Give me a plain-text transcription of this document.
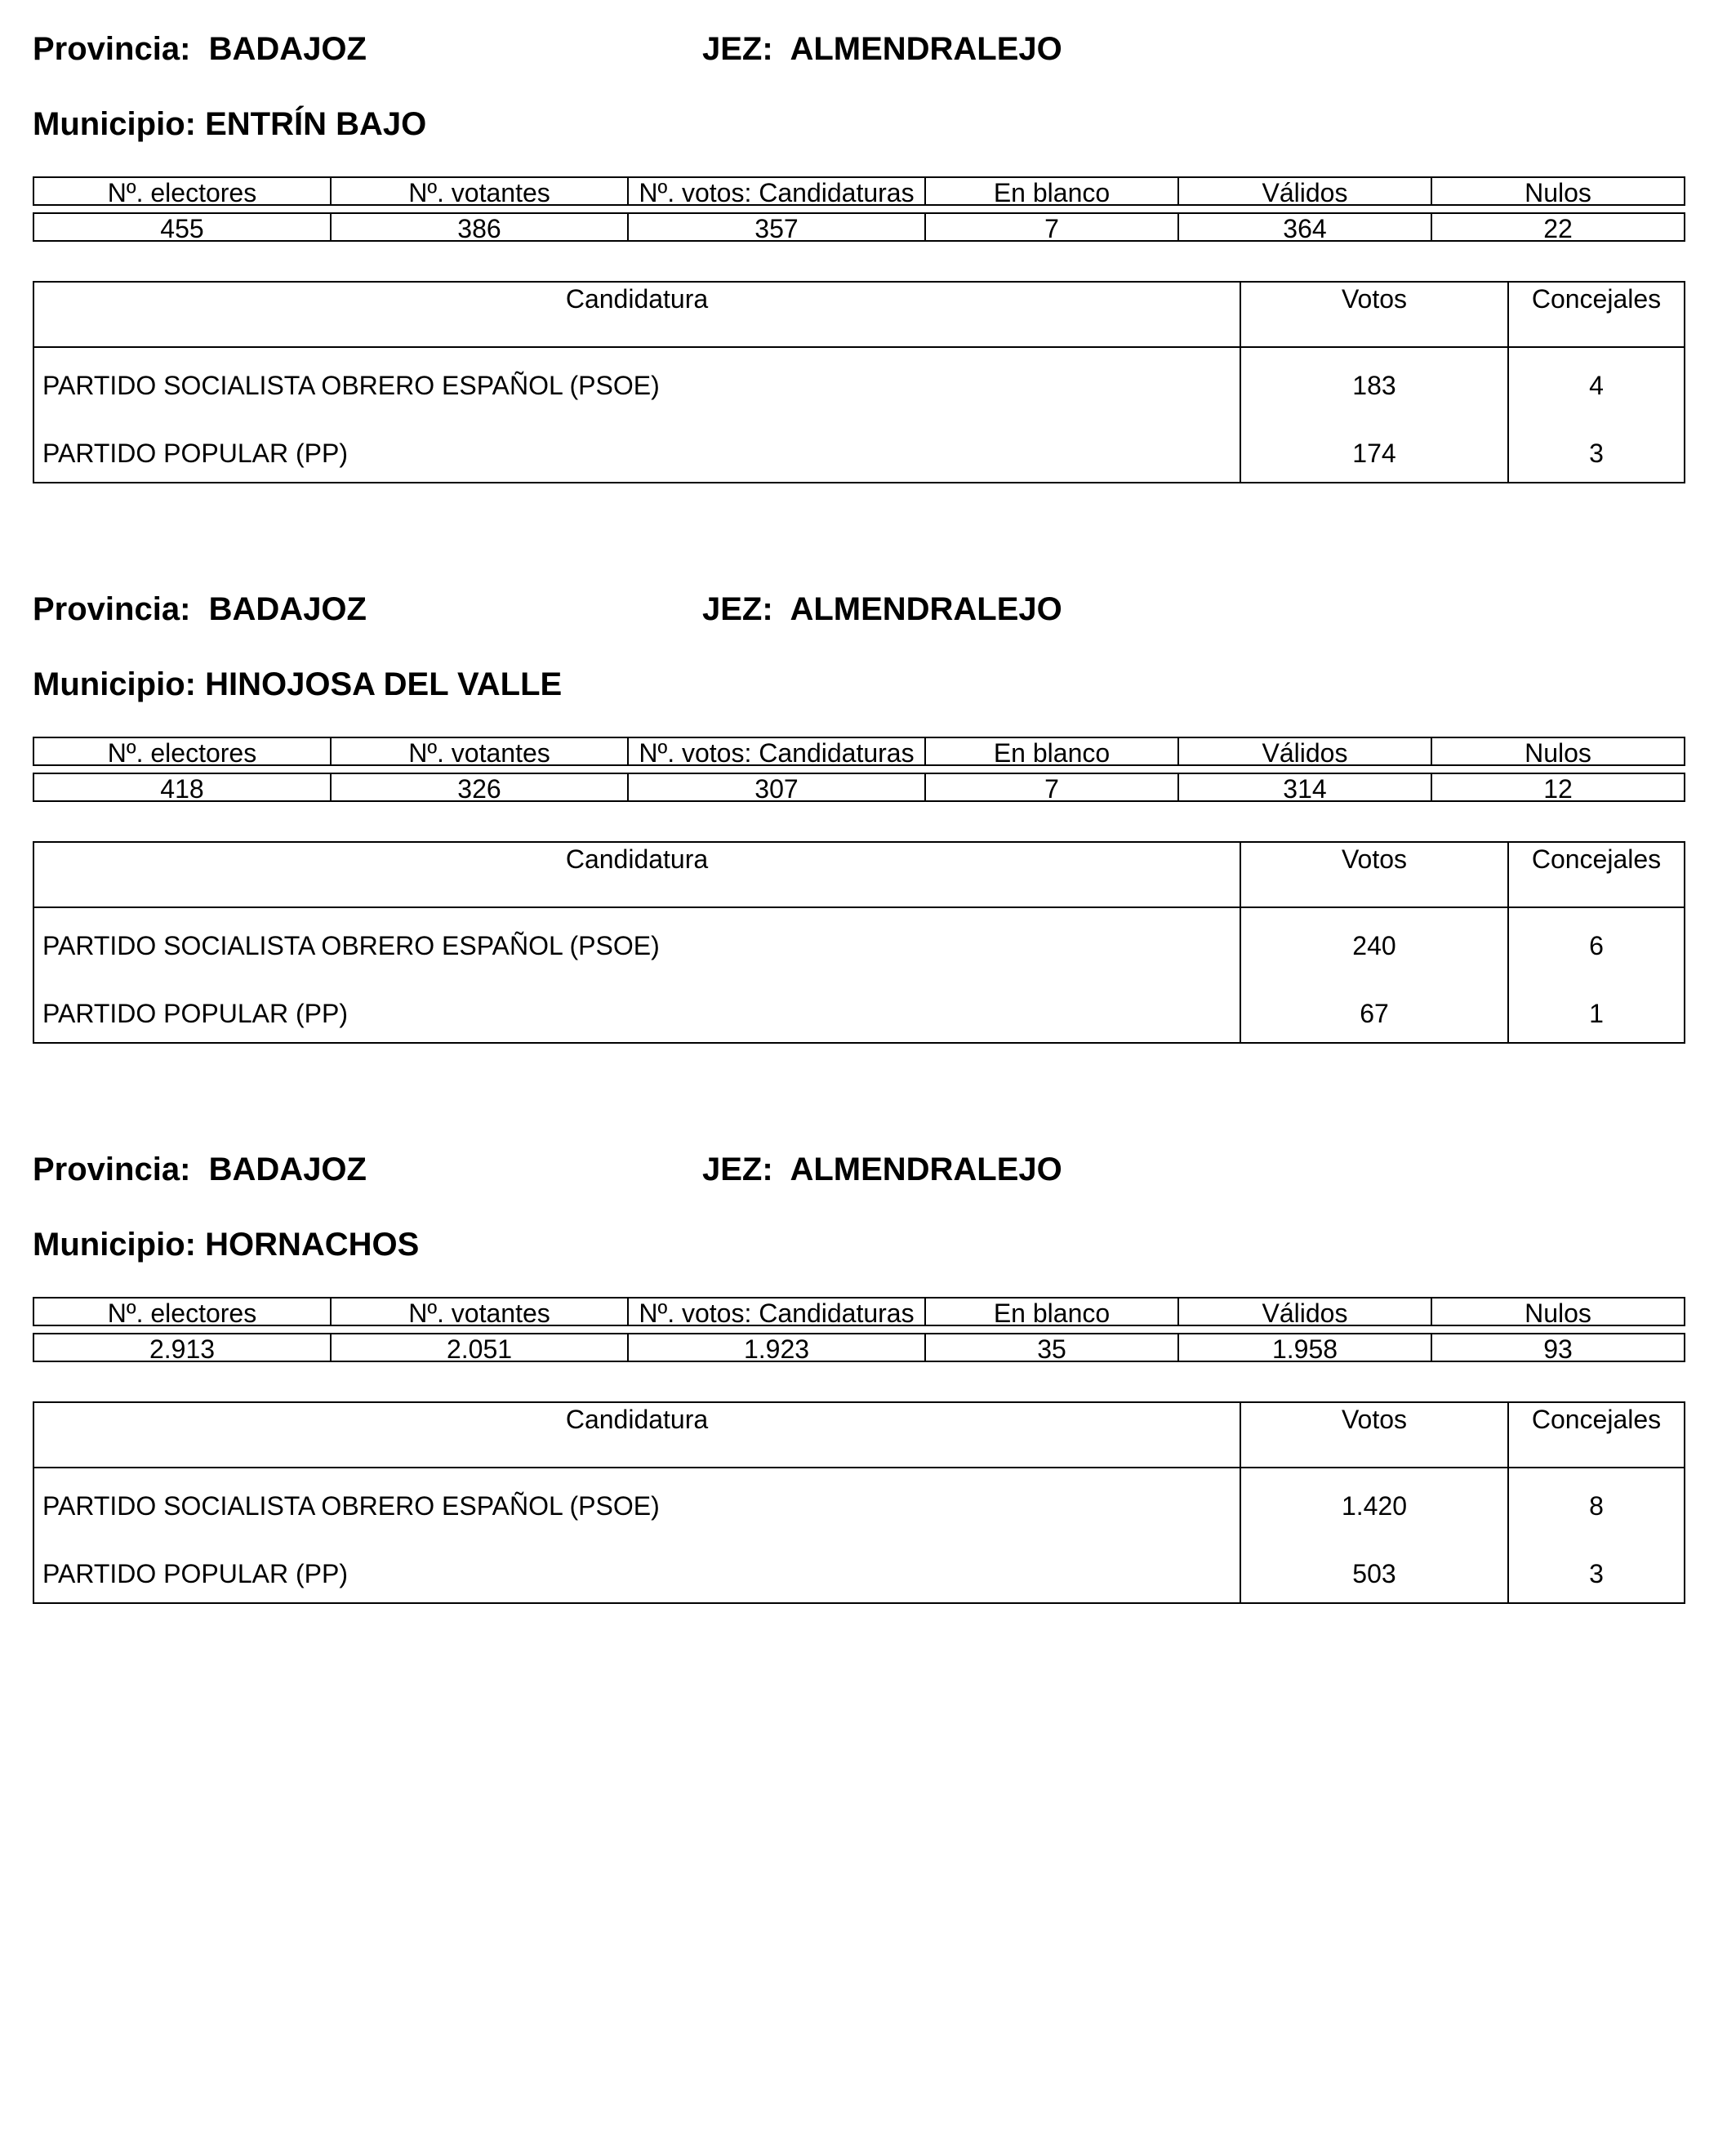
Provincia: BADAJOZ	JEZ: ALMENDRALEJO
Municipio: ENTRÍN BAJO
Nº. electores	Nº. votantes	Nº. votos: Candidaturas	En blanco	Válidos	Nulos
455	386	357	7	364	22
Candidatura	Votos	Concejales
PARTIDO SOCIALISTA OBRERO ESPAÑOL (PSOE)	183	4
PARTIDO POPULAR (PP)	174	3
Provincia: BADAJOZ	JEZ: ALMENDRALEJO
Municipio: HINOJOSA DEL VALLE
Nº. electores	Nº. votantes	Nº. votos: Candidaturas	En blanco	Válidos	Nulos
418	326	307	7	314	12
Candidatura	Votos	Concejales
PARTIDO SOCIALISTA OBRERO ESPAÑOL (PSOE)	240	6
PARTIDO POPULAR (PP)	67	1
Provincia: BADAJOZ	JEZ: ALMENDRALEJO
Municipio: HORNACHOS
Nº. electores	Nº. votantes	Nº. votos: Candidaturas	En blanco	Válidos	Nulos
2.913	2.051	1.923	35	1.958	93
Candidatura	Votos	Concejales
PARTIDO SOCIALISTA OBRERO ESPAÑOL (PSOE)	1.420	8
PARTIDO POPULAR (PP)	503	3
